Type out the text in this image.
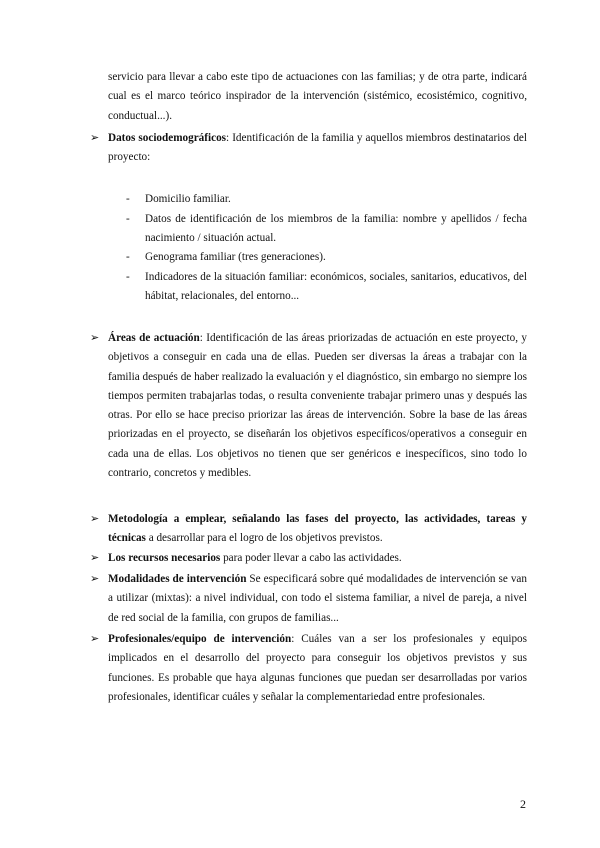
servicio para llevar a cabo este tipo de actuaciones con las familias; y de otra parte, indicará cual es el marco teórico inspirador de la intervención (sistémico, ecosistémico, cognitivo, conductual...).
➢ Datos sociodemográficos: Identificación de la familia y aquellos miembros destinatarios del proyecto:
- Domicilio familiar.
- Datos de identificación de los miembros de la familia: nombre y apellidos / fecha nacimiento / situación actual.
- Genograma familiar (tres generaciones).
- Indicadores de la situación familiar: económicos, sociales, sanitarios, educativos, del hábitat, relacionales, del entorno...
➢ Áreas de actuación: Identificación de las áreas priorizadas de actuación en este proyecto, y objetivos a conseguir en cada una de ellas. Pueden ser diversas la áreas a trabajar con la familia después de haber realizado la evaluación y el diagnóstico, sin embargo no siempre los tiempos permiten trabajarlas todas, o resulta conveniente trabajar primero unas y después las otras. Por ello se hace preciso priorizar las áreas de intervención. Sobre la base de las áreas priorizadas en el proyecto, se diseñarán los objetivos específicos/operativos a conseguir en cada una de ellas. Los objetivos no tienen que ser genéricos e inespecíficos, sino todo lo contrario, concretos y medibles.
➢ Metodología a emplear, señalando las fases del proyecto, las actividades, tareas y técnicas a desarrollar para el logro de los objetivos previstos.
➢ Los recursos necesarios para poder llevar a cabo las actividades.
➢ Modalidades de intervención Se especificará sobre qué modalidades de intervención se van a utilizar (mixtas): a nivel individual, con todo el sistema familiar, a nivel de pareja, a nivel de red social de la familia, con grupos de familias...
➢ Profesionales/equipo de intervención: Cuáles van a ser los profesionales y equipos implicados en el desarrollo del proyecto para conseguir los objetivos previstos y sus funciones. Es probable que haya algunas funciones que puedan ser desarrolladas por varios profesionales, identificar cuáles y señalar la complementariedad entre profesionales.
2
